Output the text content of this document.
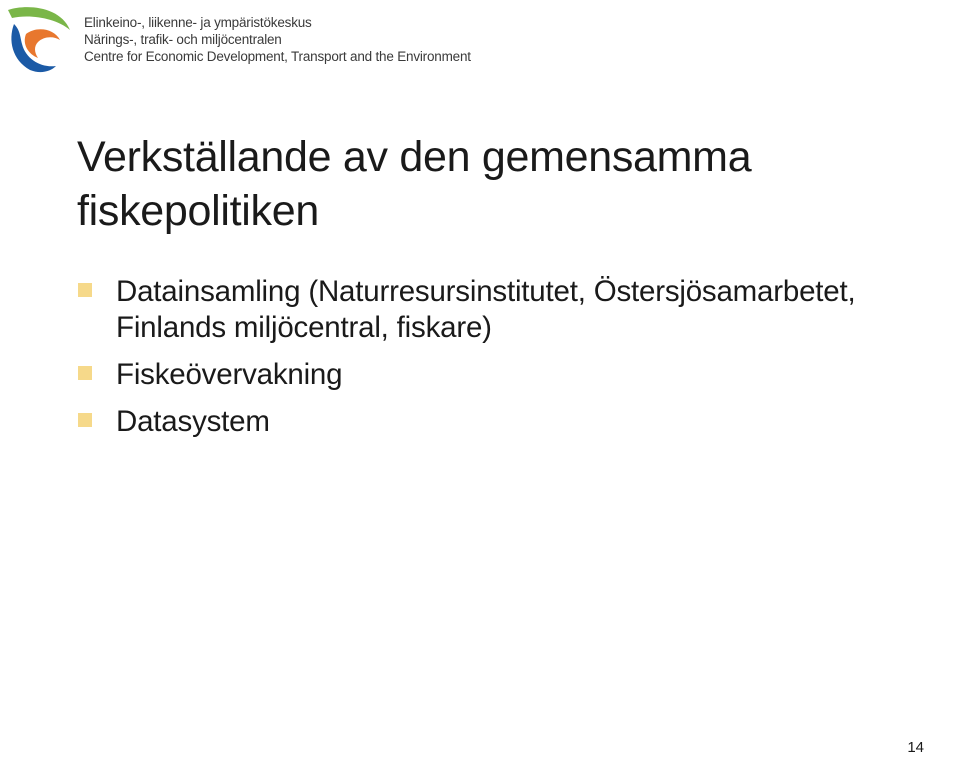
Elinkeino-, liikenne- ja ympäristökeskus
Närings-, trafik- och miljöcentralen
Centre for Economic Development, Transport and the Environment
Verkställande av den gemensamma fiskepolitiken
Datainsamling (Naturresursinstitutet, Östersjösamarbetet, Finlands miljöcentral, fiskare)
Fiskeövervakning
Datasystem
14
